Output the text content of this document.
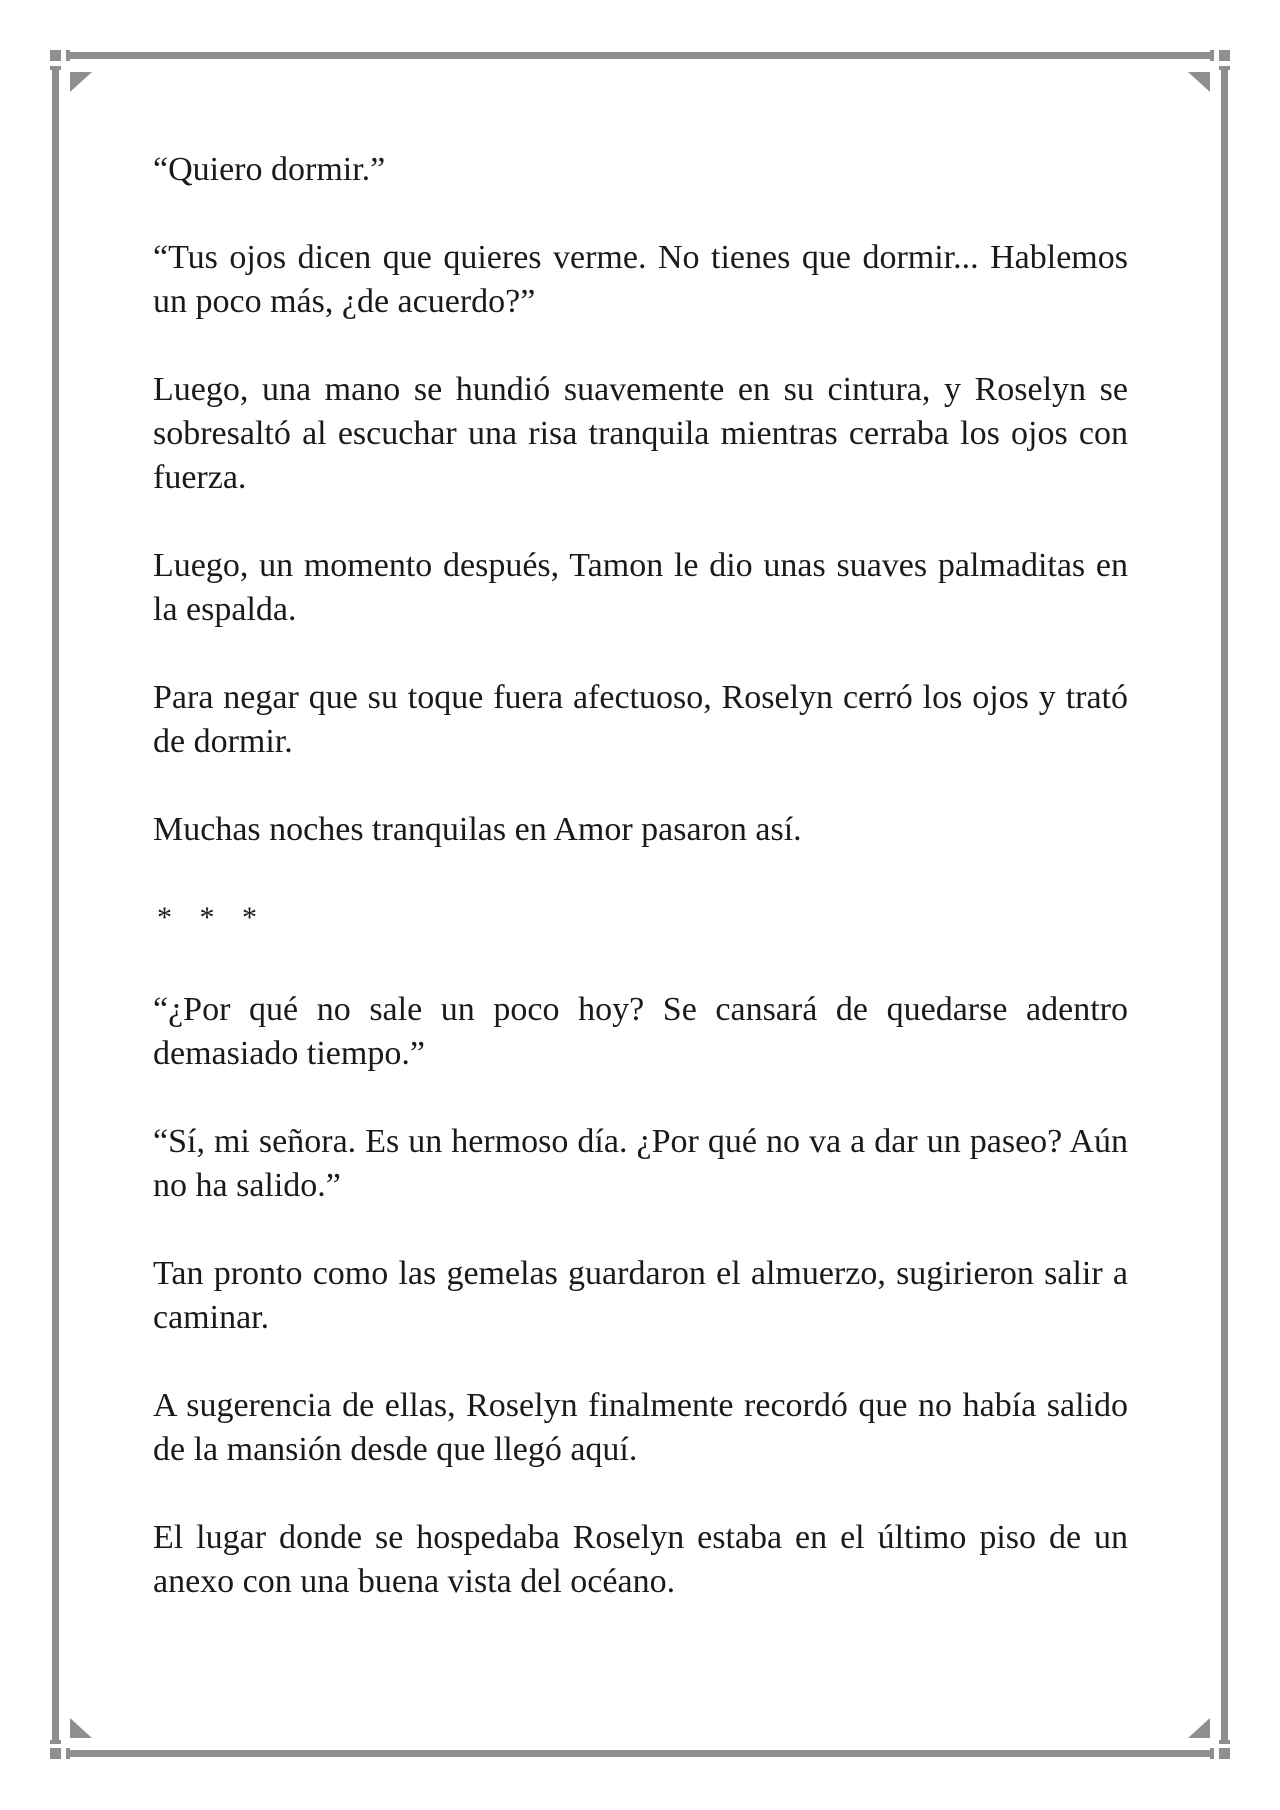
“Quiero dormir.”

“Tus ojos dicen que quieres verme. No tienes que dormir... Hablemos un poco más, ¿de acuerdo?”

Luego, una mano se hundió suavemente en su cintura, y Roselyn se sobresaltó al escuchar una risa tranquila mientras cerraba los ojos con fuerza.

Luego, un momento después, Tamon le dio unas suaves palmaditas en la espalda.

Para negar que su toque fuera afectuoso, Roselyn cerró los ojos y trató de dormir.

Muchas noches tranquilas en Amor pasaron así.

* * *

“¿Por qué no sale un poco hoy? Se cansará de quedarse adentro demasiado tiempo.”

“Sí, mi señora. Es un hermoso día. ¿Por qué no va a dar un paseo? Aún no ha salido.”

Tan pronto como las gemelas guardaron el almuerzo, sugirieron salir a caminar.

A sugerencia de ellas, Roselyn finalmente recordó que no había salido de la mansión desde que llegó aquí.

El lugar donde se hospedaba Roselyn estaba en el último piso de un anexo con una buena vista del océano.
